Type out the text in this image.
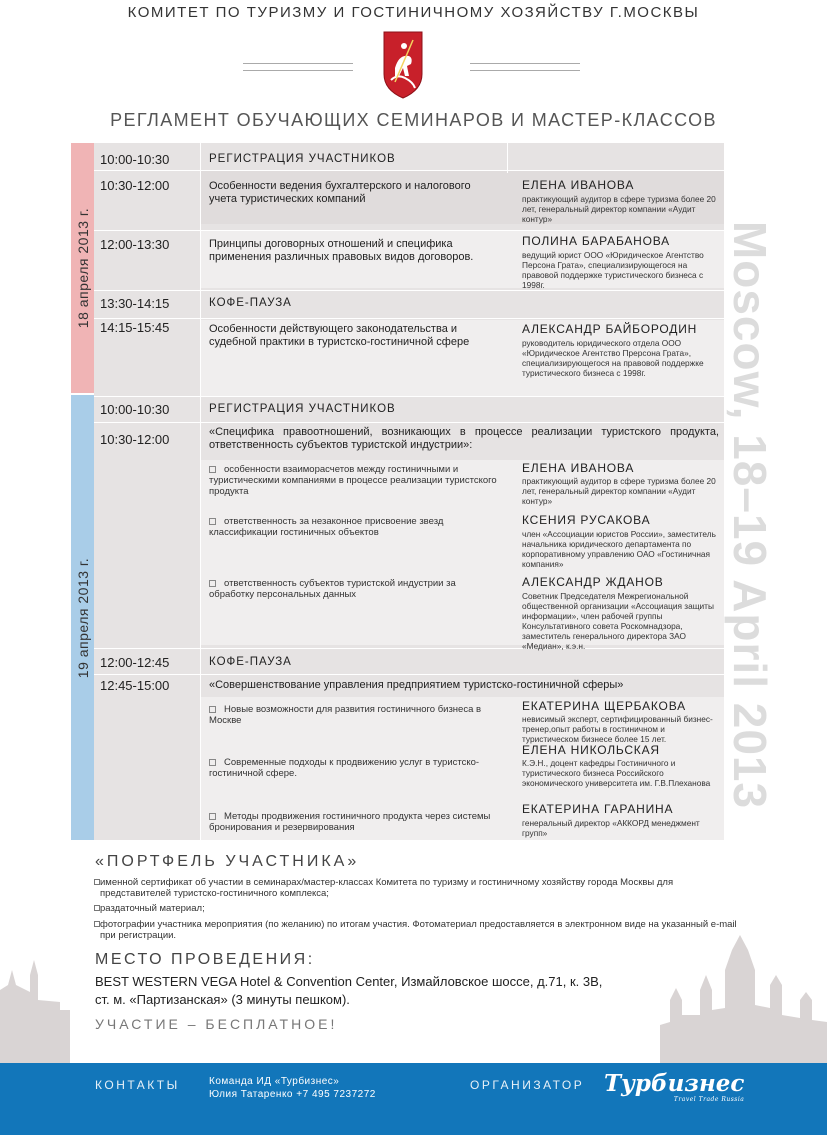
КОМИТЕТ ПО ТУРИЗМУ И ГОСТИНИЧНОМУ ХОЗЯЙСТВУ Г.МОСКВЫ
РЕГЛАМЕНТ ОБУЧАЮЩИХ СЕМИНАРОВ И МАСТЕР-КЛАССОВ
Moscow, 18–19 April 2013
18 апреля 2013 г.
19 апреля 2013 г.
10:00-10:30	РЕГИСТРАЦИЯ УЧАСТНИКОВ
10:30-12:00	Особенности ведения бухгалтерского и налогового учета туристических компаний
ЕЛЕНА ИВАНОВА
практикующий аудитор в сфере туризма более 20 лет, генеральный директор компании «Аудит контур»
12:00-13:30	Принципы договорных отношений и специфика применения различных правовых видов договоров.
ПОЛИНА БАРАБАНОВА
ведущий юрист ООО «Юридическое Агентство Персона Грата», специализирующегося на правовой поддержке туристического бизнеса с 1998г.
13:30-14:15	КОФЕ-ПАУЗА
14:15-15:45	Особенности действующего законодательства и судебной практики в туристско-гостиничной сфере
АЛЕКСАНДР БАЙБОРОДИН
руководитель юридического отдела ООО «Юридическое Агентство Прерсона Грата», специализирующегося на правовой поддержке туристического бизнеса с 1998г.
10:00-10:30	РЕГИСТРАЦИЯ УЧАСТНИКОВ
10:30-12:00	«Специфика правоотношений, возникающих в процессе реализации туристского продукта, ответственность субъектов туристской индустрии»:
особенности взаиморасчетов между гостиничными и туристическими компаниями в процессе реализации туристского продукта
ЕЛЕНА ИВАНОВА
практикующий аудитор в сфере туризма более 20 лет, генеральный директор компании «Аудит контур»
ответственность за незаконное присвоение звезд классификации гостиничных объектов
КСЕНИЯ РУСАКОВА
член «Ассоциации юристов России», заместитель начальника юридического департамента по корпоративному управлению ОАО «Гостиничная компания»
ответственность субъектов туристской индустрии за обработку персональных данных
АЛЕКСАНДР ЖДАНОВ
Советник Председателя Межрегиональной общественной организации «Ассоциация защиты информации», член рабочей группы Консультативного совета Роскомнадзора, заместитель генерального директора ЗАО «Медиан», к.э.н.
12:00-12:45	КОФЕ-ПАУЗА
12:45-15:00	«Совершенствование управления предприятием туристско-гостиничной сферы»
Новые возможности для развития гостиничного бизнеса в Москве
ЕКАТЕРИНА ЩЕРБАКОВА
невисимый эксперт, сертифицированный бизнес-тренер,опыт работы в гостиничном и туристическом бизнесе более 15 лет.
Современные подходы к продвижению услуг в туристско-гостиничной сфере.
ЕЛЕНА НИКОЛЬСКАЯ
К.Э.Н., доцент кафедры Гостиничного и туристического бизнеса Российского экономического университета им. Г.В.Плеханова
Методы продвижения гостиничного продукта через системы бронирования и резервирования
ЕКАТЕРИНА ГАРАНИНА
генеральный директор «АККОРД менеджмент групп»
«ПОРТФЕЛЬ УЧАСТНИКА»
именной сертификат об участии в семинарах/мастер-классах Комитета по туризму и гостиничному хозяйству города Москвы для представителей туристско-гостиничного комплекса;
раздаточный материал;
фотографии участника мероприятия (по желанию) по итогам участия. Фотоматериал предоставляется в электронном виде на указанный e-mail при регистрации.
МЕСТО ПРОВЕДЕНИЯ:
BEST WESTERN VEGA Hotel & Convention Center, Измайловское шоссе, д.71, к. 3В,
ст. м. «Партизанская» (3 минуты пешком).
УЧАСТИЕ – БЕСПЛАТНОЕ!
КОНТАКТЫ	Команда ИД «Турбизнес»
Юлия Татаренко +7 495 7237272
ОРГАНИЗАТОР Турбизнес
Travel Trade Russia
